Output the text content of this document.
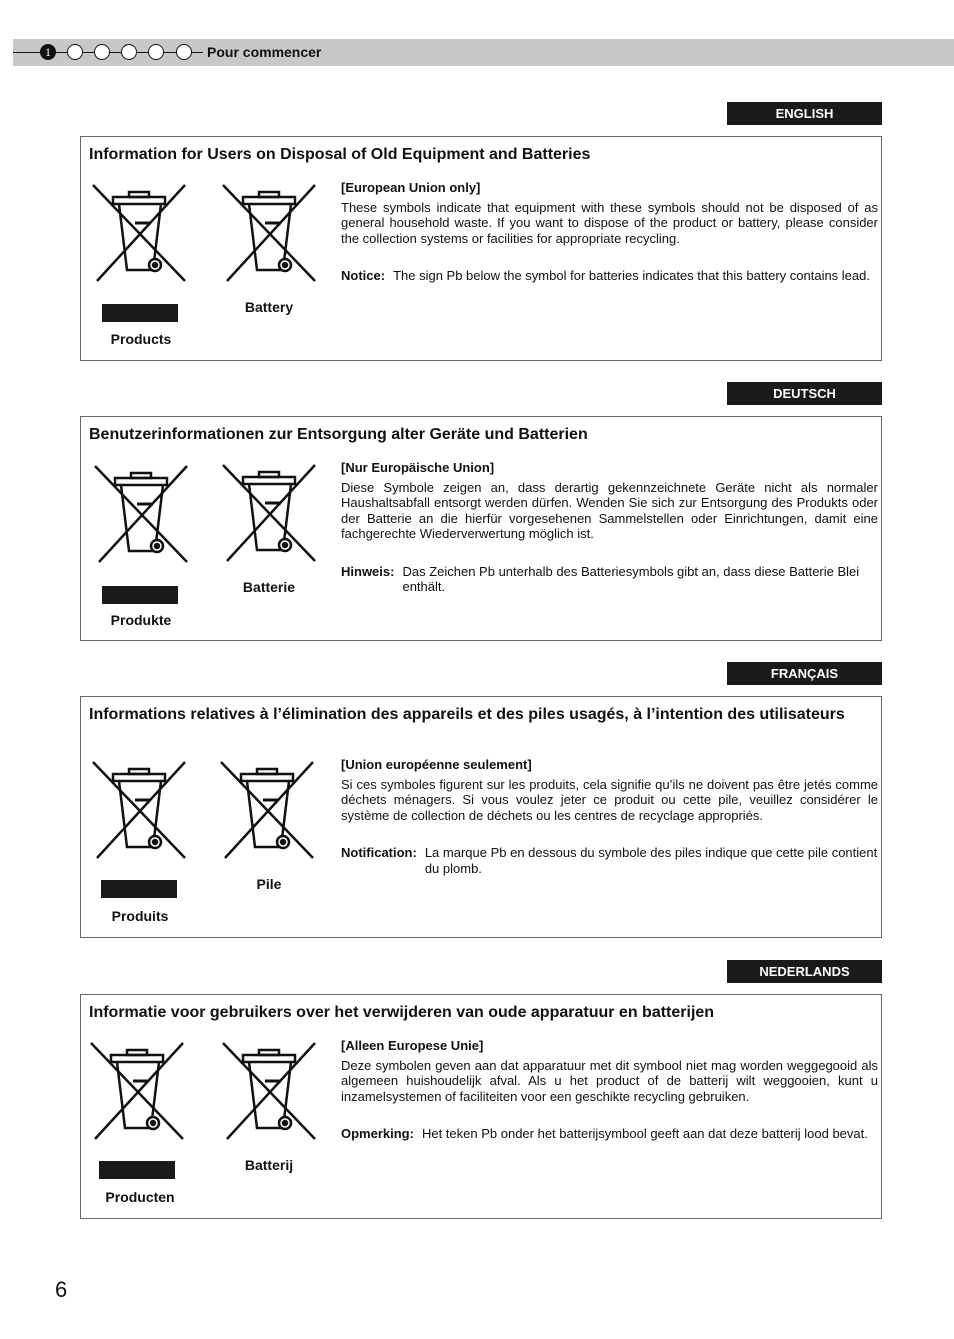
1	Pour commencer
ENGLISH
Information for Users on Disposal of Old Equipment and Batteries
Products
Battery
[European Union only]
These symbols indicate that equipment with these symbols should not be disposed of as general household waste. If you want to dispose of the product or battery, please consider the collection systems or facilities for appropriate recycling.
Notice: The sign Pb below the symbol for batteries indicates that this battery contains lead.
DEUTSCH
Benutzerinformationen zur Entsorgung alter Geräte und Batterien
Produkte
Batterie
[Nur Europäische Union]
Diese Symbole zeigen an, dass derartig gekennzeichnete Geräte nicht als normaler Haushaltsabfall entsorgt werden dürfen. Wenden Sie sich zur Entsorgung des Produkts oder der Batterie an die hierfür vorgesehenen Sammelstellen oder Einrichtungen, damit eine fachgerechte Wiederverwertung möglich ist.
Hinweis: Das Zeichen Pb unterhalb des Batteriesymbols gibt an, dass diese Batterie Blei enthält.
FRANÇAIS
Informations relatives à l’élimination des appareils et des piles usagés, à l’intention des utilisateurs
Produits
Pile
[Union européenne seulement]
Si ces symboles figurent sur les produits, cela signifie qu’ils ne doivent pas être jetés comme déchets ménagers. Si vous voulez jeter ce produit ou cette pile, veuillez considérer le système de collection de déchets ou les centres de recyclage appropriés.
Notification: La marque Pb en dessous du symbole des piles indique que cette pile contient du plomb.
NEDERLANDS
Informatie voor gebruikers over het verwijderen van oude apparatuur en batterijen
Producten
Batterij
[Alleen Europese Unie]
Deze symbolen geven aan dat apparatuur met dit symbool niet mag worden weggegooid als algemeen huishoudelijk afval. Als u het product of de batterij wilt weggooien, kunt u inzamelsystemen of faciliteiten voor een geschikte recycling gebruiken.
Opmerking: Het teken Pb onder het batterijsymbool geeft aan dat deze batterij lood bevat.
6
